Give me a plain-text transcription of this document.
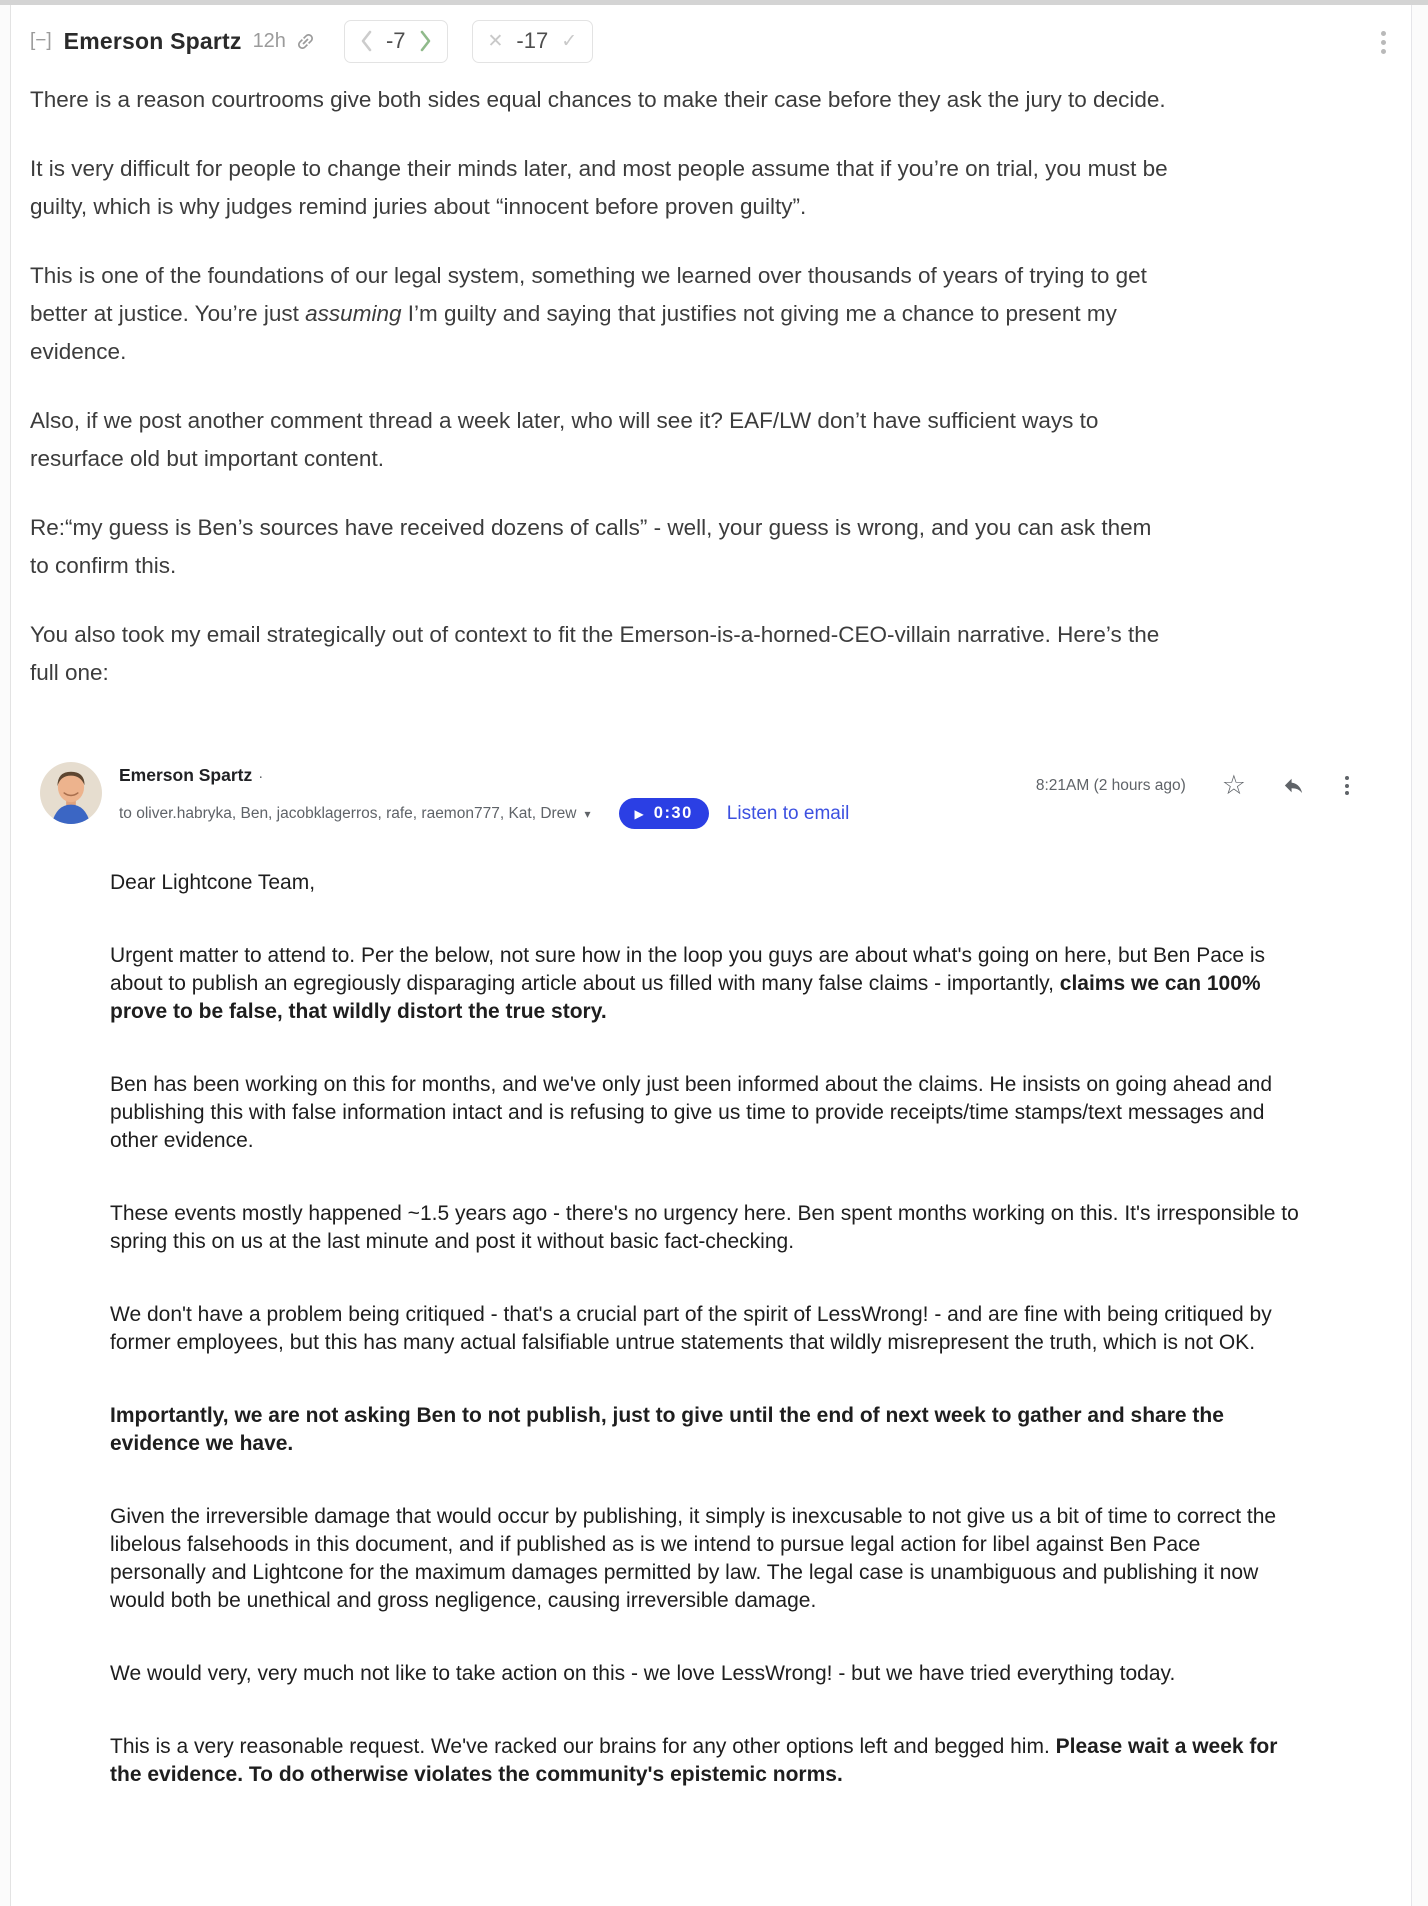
[−] Emerson Spartz 12h	-7	✕ -17 ✓

There is a reason courtrooms give both sides equal chances to make their case before they ask the jury to decide.

It is very difficult for people to change their minds later, and most people assume that if you’re on trial, you must be guilty, which is why judges remind juries about “innocent before proven guilty”.

This is one of the foundations of our legal system, something we learned over thousands of years of trying to get better at justice. You’re just assuming I’m guilty and saying that justifies not giving me a chance to present my evidence.

Also, if we post another comment thread a week later, who will see it? EAF/LW don’t have sufficient ways to resurface old but important content.

Re:“my guess is Ben’s sources have received dozens of calls” - well, your guess is wrong, and you can ask them to confirm this.

You also took my email strategically out of context to fit the Emerson-is-a-horned-CEO-villain narrative. Here’s the full one:

Emerson Spartz ·
to oliver.habryka, Ben, jacobklagerros, rafe, raemon777, Kat, Drew ▾	▶ 0:30 Listen to email
8:21AM (2 hours ago) ☆

Dear Lightcone Team,

Urgent matter to attend to. Per the below, not sure how in the loop you guys are about what's going on here, but Ben Pace is about to publish an egregiously disparaging article about us filled with many false claims - importantly, claims we can 100% prove to be false, that wildly distort the true story.

Ben has been working on this for months, and we've only just been informed about the claims. He insists on going ahead and publishing this with false information intact and is refusing to give us time to provide receipts/time stamps/text messages and other evidence.

These events mostly happened ~1.5 years ago - there's no urgency here. Ben spent months working on this. It's irresponsible to spring this on us at the last minute and post it without basic fact-checking.

We don't have a problem being critiqued - that's a crucial part of the spirit of LessWrong! - and are fine with being critiqued by former employees, but this has many actual falsifiable untrue statements that wildly misrepresent the truth, which is not OK.

Importantly, we are not asking Ben to not publish, just to give until the end of next week to gather and share the evidence we have.

Given the irreversible damage that would occur by publishing, it simply is inexcusable to not give us a bit of time to correct the libelous falsehoods in this document, and if published as is we intend to pursue legal action for libel against Ben Pace personally and Lightcone for the maximum damages permitted by law. The legal case is unambiguous and publishing it now would both be unethical and gross negligence, causing irreversible damage.

We would very, very much not like to take action on this - we love LessWrong! - but we have tried everything today.

This is a very reasonable request. We've racked our brains for any other options left and begged him. Please wait a week for the evidence. To do otherwise violates the community's epistemic norms.
